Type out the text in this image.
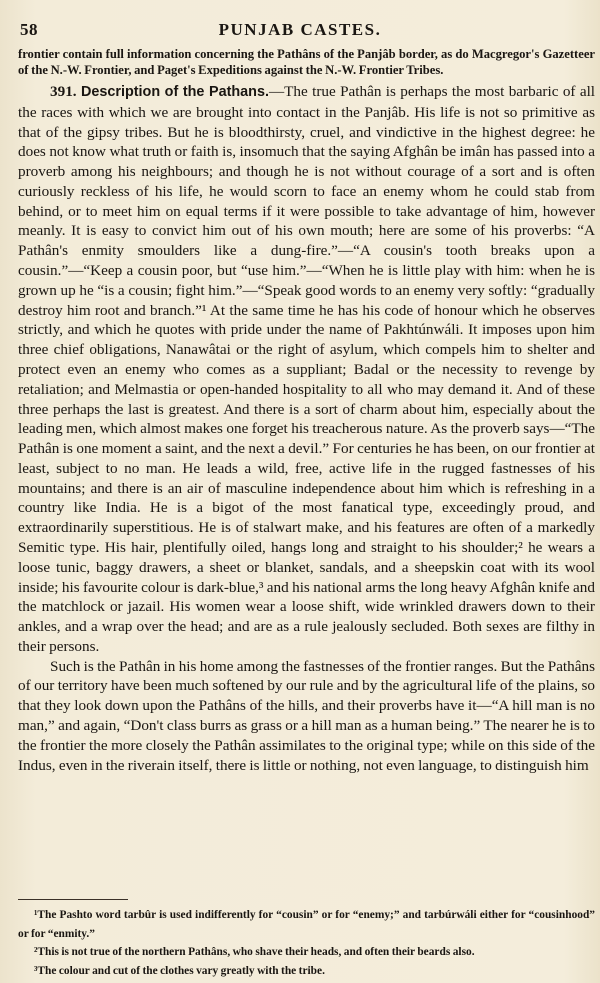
58	PUNJAB CASTES.

frontier contain full information concerning the Pathâns of the Panjâb border, as do Macgregor's Gazetteer of the N.-W. Frontier, and Paget's Expeditions against the N.-W. Frontier Tribes.

391. Description of the Pathans.—The true Pathân is perhaps the most barbaric of all the races with which we are brought into contact in the Panjâb. His life is not so primitive as that of the gipsy tribes. But he is bloodthirsty, cruel, and vindictive in the highest degree: he does not know what truth or faith is, insomuch that the saying Afghân be imân has passed into a proverb among his neighbours; and though he is not without courage of a sort and is often curiously reckless of his life, he would scorn to face an enemy whom he could stab from behind, or to meet him on equal terms if it were possible to take advantage of him, however meanly. It is easy to convict him out of his own mouth; here are some of his proverbs: “A Pathân's enmity smoulders like a dung-fire.”—“A cousin's tooth breaks upon a cousin.”—“Keep a cousin poor, but “use him.”—“When he is little play with him: when he is grown up he “is a cousin; fight him.”—“Speak good words to an enemy very softly: “gradually destroy him root and branch.”¹ At the same time he has his code of honour which he observes strictly, and which he quotes with pride under the name of Pakhtúnwáli. It imposes upon him three chief obligations, Nanawâtai or the right of asylum, which compels him to shelter and protect even an enemy who comes as a suppliant; Badal or the necessity to revenge by retaliation; and Melmastia or open-handed hospitality to all who may demand it. And of these three perhaps the last is greatest. And there is a sort of charm about him, especially about the leading men, which almost makes one forget his treacherous nature. As the proverb says—“The Pathân is one moment a saint, and the next a devil.” For centuries he has been, on our frontier at least, subject to no man. He leads a wild, free, active life in the rugged fastnesses of his mountains; and there is an air of masculine independence about him which is refreshing in a country like India. He is a bigot of the most fanatical type, exceedingly proud, and extraordinarily superstitious. He is of stalwart make, and his features are often of a markedly Semitic type. His hair, plentifully oiled, hangs long and straight to his shoulder;² he wears a loose tunic, baggy drawers, a sheet or blanket, sandals, and a sheepskin coat with its wool inside; his favourite colour is dark-blue,³ and his national arms the long heavy Afghân knife and the matchlock or jazail. His women wear a loose shift, wide wrinkled drawers down to their ankles, and a wrap over the head; and are as a rule jealously secluded. Both sexes are filthy in their persons.

Such is the Pathân in his home among the fastnesses of the frontier ranges. But the Pathâns of our territory have been much softened by our rule and by the agricultural life of the plains, so that they look down upon the Pathâns of the hills, and their proverbs have it—“A hill man is no man,” and again, “Don't class burrs as grass or a hill man as a human being.” The nearer he is to the frontier the more closely the Pathân assimilates to the original type; while on this side of the Indus, even in the riverain itself, there is little or nothing, not even language, to distinguish him

¹The Pashto word tarbûr is used indifferently for “cousin” or for “enemy;” and tarbúrwáli either for “cousinhood” or for “enmity.”

²This is not true of the northern Pathâns, who shave their heads, and often their beards also.

³The colour and cut of the clothes vary greatly with the tribe.
